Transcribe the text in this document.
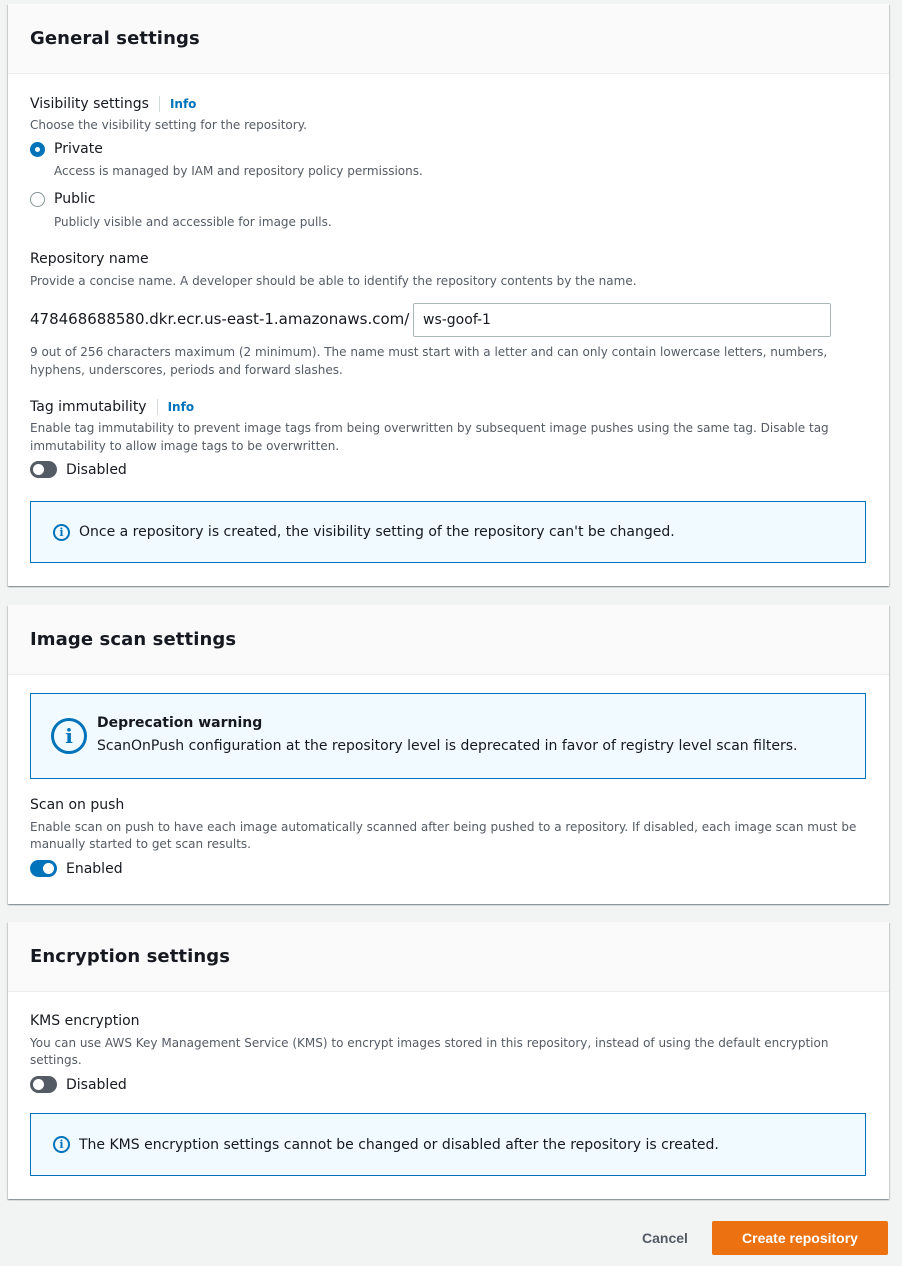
General settings
Visibility settings	Info
Choose the visibility setting for the repository.
Private
Access is managed by IAM and repository policy permissions.
Public
Publicly visible and accessible for image pulls.
Repository name
Provide a concise name. A developer should be able to identify the repository contents by the name.
478468688580.dkr.ecr.us-east-1.amazonaws.com/ ws-goof-1
9 out of 256 characters maximum (2 minimum). The name must start with a letter and can only contain lowercase letters, numbers,
hyphens, underscores, periods and forward slashes.
Tag immutability	Info
Enable tag immutability to prevent image tags from being overwritten by subsequent image pushes using the same tag. Disable tag
immutability to allow image tags to be overwritten.
Disabled
i	Once a repository is created, the visibility setting of the repository can't be changed.
Image scan settings
i
Deprecation warning
ScanOnPush configuration at the repository level is deprecated in favor of registry level scan filters.
Scan on push
Enable scan on push to have each image automatically scanned after being pushed to a repository. If disabled, each image scan must be
manually started to get scan results.
Enabled
Encryption settings
KMS encryption
You can use AWS Key Management Service (KMS) to encrypt images stored in this repository, instead of using the default encryption
settings.
Disabled
i	The KMS encryption settings cannot be changed or disabled after the repository is created.
Cancel	Create repository
